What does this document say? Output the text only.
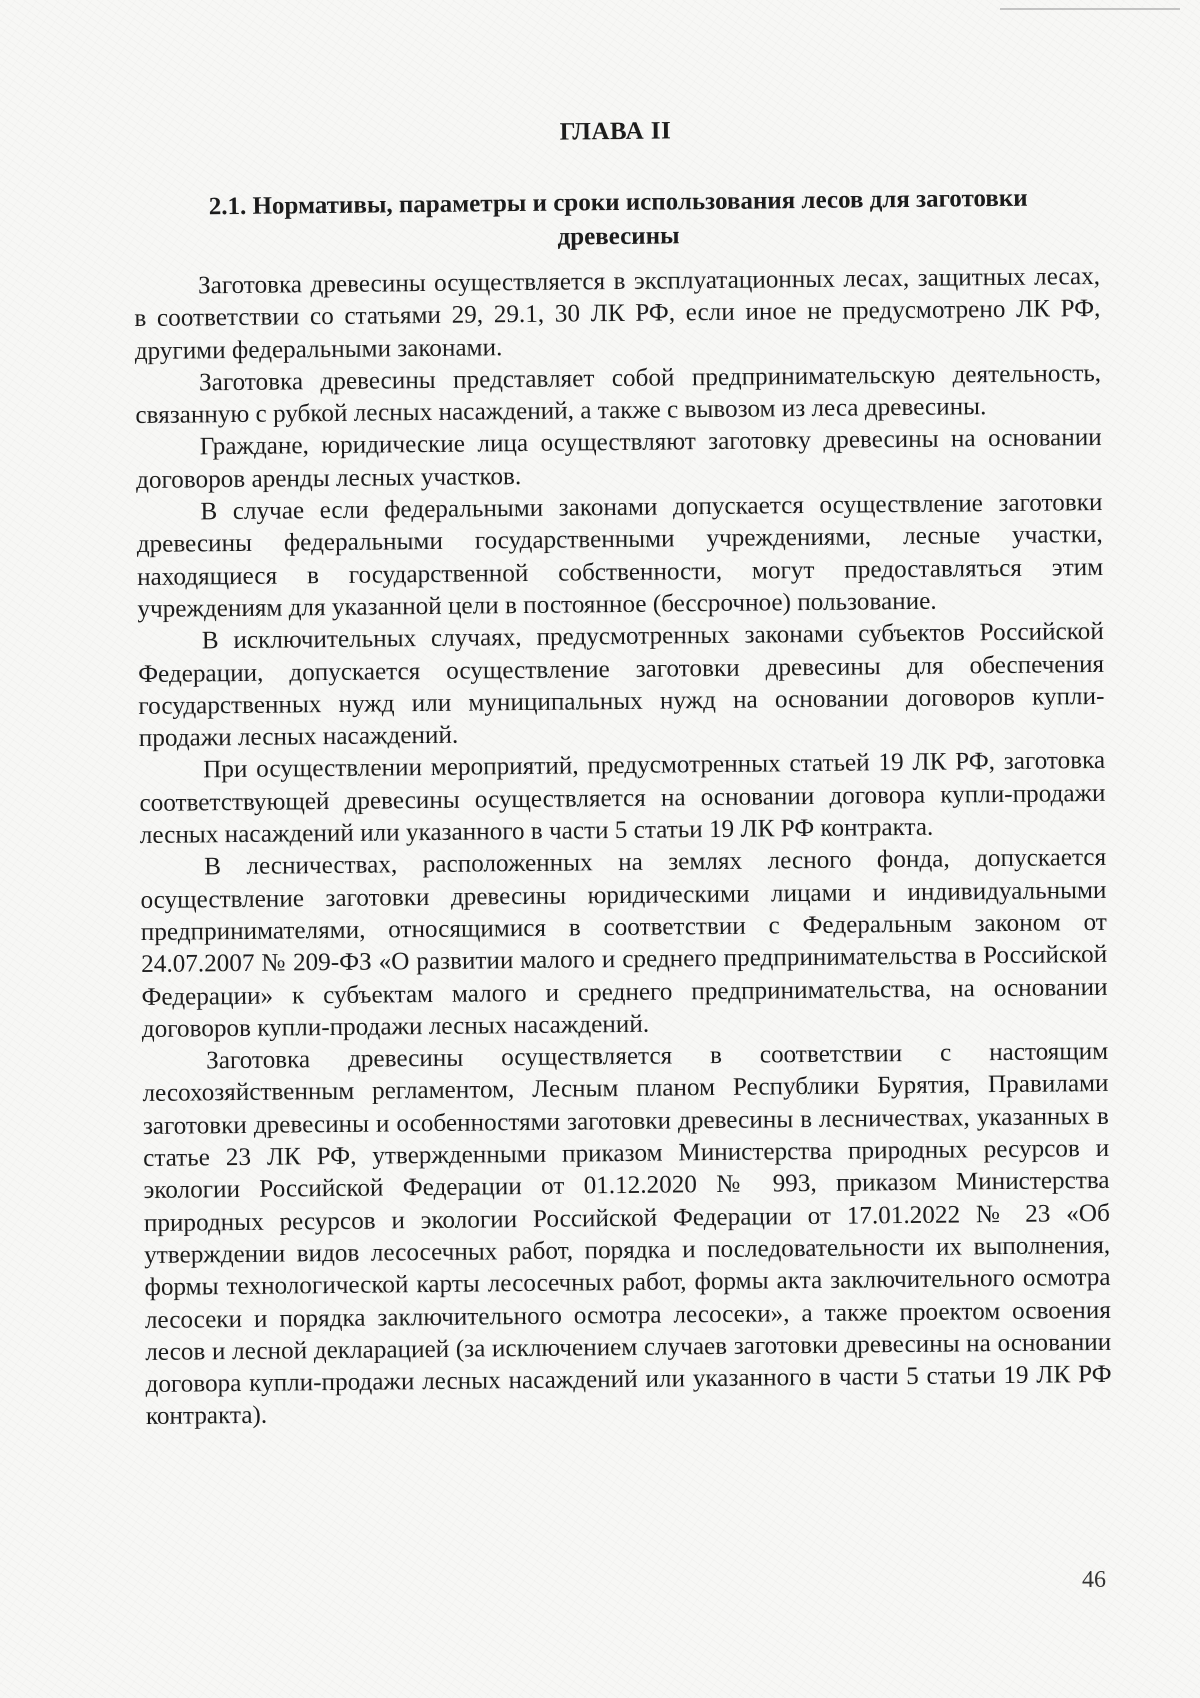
ГЛАВА II
2.1. Нормативы, параметры и сроки использования лесов для заготовки древесины

Заготовка древесины осуществляется в эксплуатационных лесах, защитных лесах, в соответствии со статьями 29, 29.1, 30 ЛК РФ, если иное не предусмотрено ЛК РФ, другими федеральными законами.

Заготовка древесины представляет собой предпринимательскую деятельность, связанную с рубкой лесных насаждений, а также с вывозом из леса древесины.

Граждане, юридические лица осуществляют заготовку древесины на основании договоров аренды лесных участков.

В случае если федеральными законами допускается осуществление заготовки древесины федеральными государственными учреждениями, лесные участки, находящиеся в государственной собственности, могут предоставляться этим учреждениям для указанной цели в постоянное (бессрочное) пользование.

В исключительных случаях, предусмотренных законами субъектов Российской Федерации, допускается осуществление заготовки древесины для обеспечения государственных нужд или муниципальных нужд на основании договоров купли-продажи лесных насаждений.

При осуществлении мероприятий, предусмотренных статьей 19 ЛК РФ, заготовка соответствующей древесины осуществляется на основании договора купли-продажи лесных насаждений или указанного в части 5 статьи 19 ЛК РФ контракта.

В лесничествах, расположенных на землях лесного фонда, допускается осуществление заготовки древесины юридическими лицами и индивидуальными предпринимателями, относящимися в соответствии с Федеральным законом от 24.07.2007 № 209-ФЗ «О развитии малого и среднего предпринимательства в Российской Федерации» к субъектам малого и среднего предпринимательства, на основании договоров купли-продажи лесных насаждений.

Заготовка древесины осуществляется в соответствии с настоящим лесохозяйственным регламентом, Лесным планом Республики Бурятия, Правилами заготовки древесины и особенностями заготовки древесины в лесничествах, указанных в статье 23 ЛК РФ, утвержденными приказом Министерства природных ресурсов и экологии Российской Федерации от 01.12.2020 № 993, приказом Министерства природных ресурсов и экологии Российской Федерации от 17.01.2022 № 23 «Об утверждении видов лесосечных работ, порядка и последовательности их выполнения, формы технологической карты лесосечных работ, формы акта заключительного осмотра лесосеки и порядка заключительного осмотра лесосеки», а также проектом освоения лесов и лесной декларацией (за исключением случаев заготовки древесины на основании договора купли-продажи лесных насаждений или указанного в части 5 статьи 19 ЛК РФ контракта).

46
